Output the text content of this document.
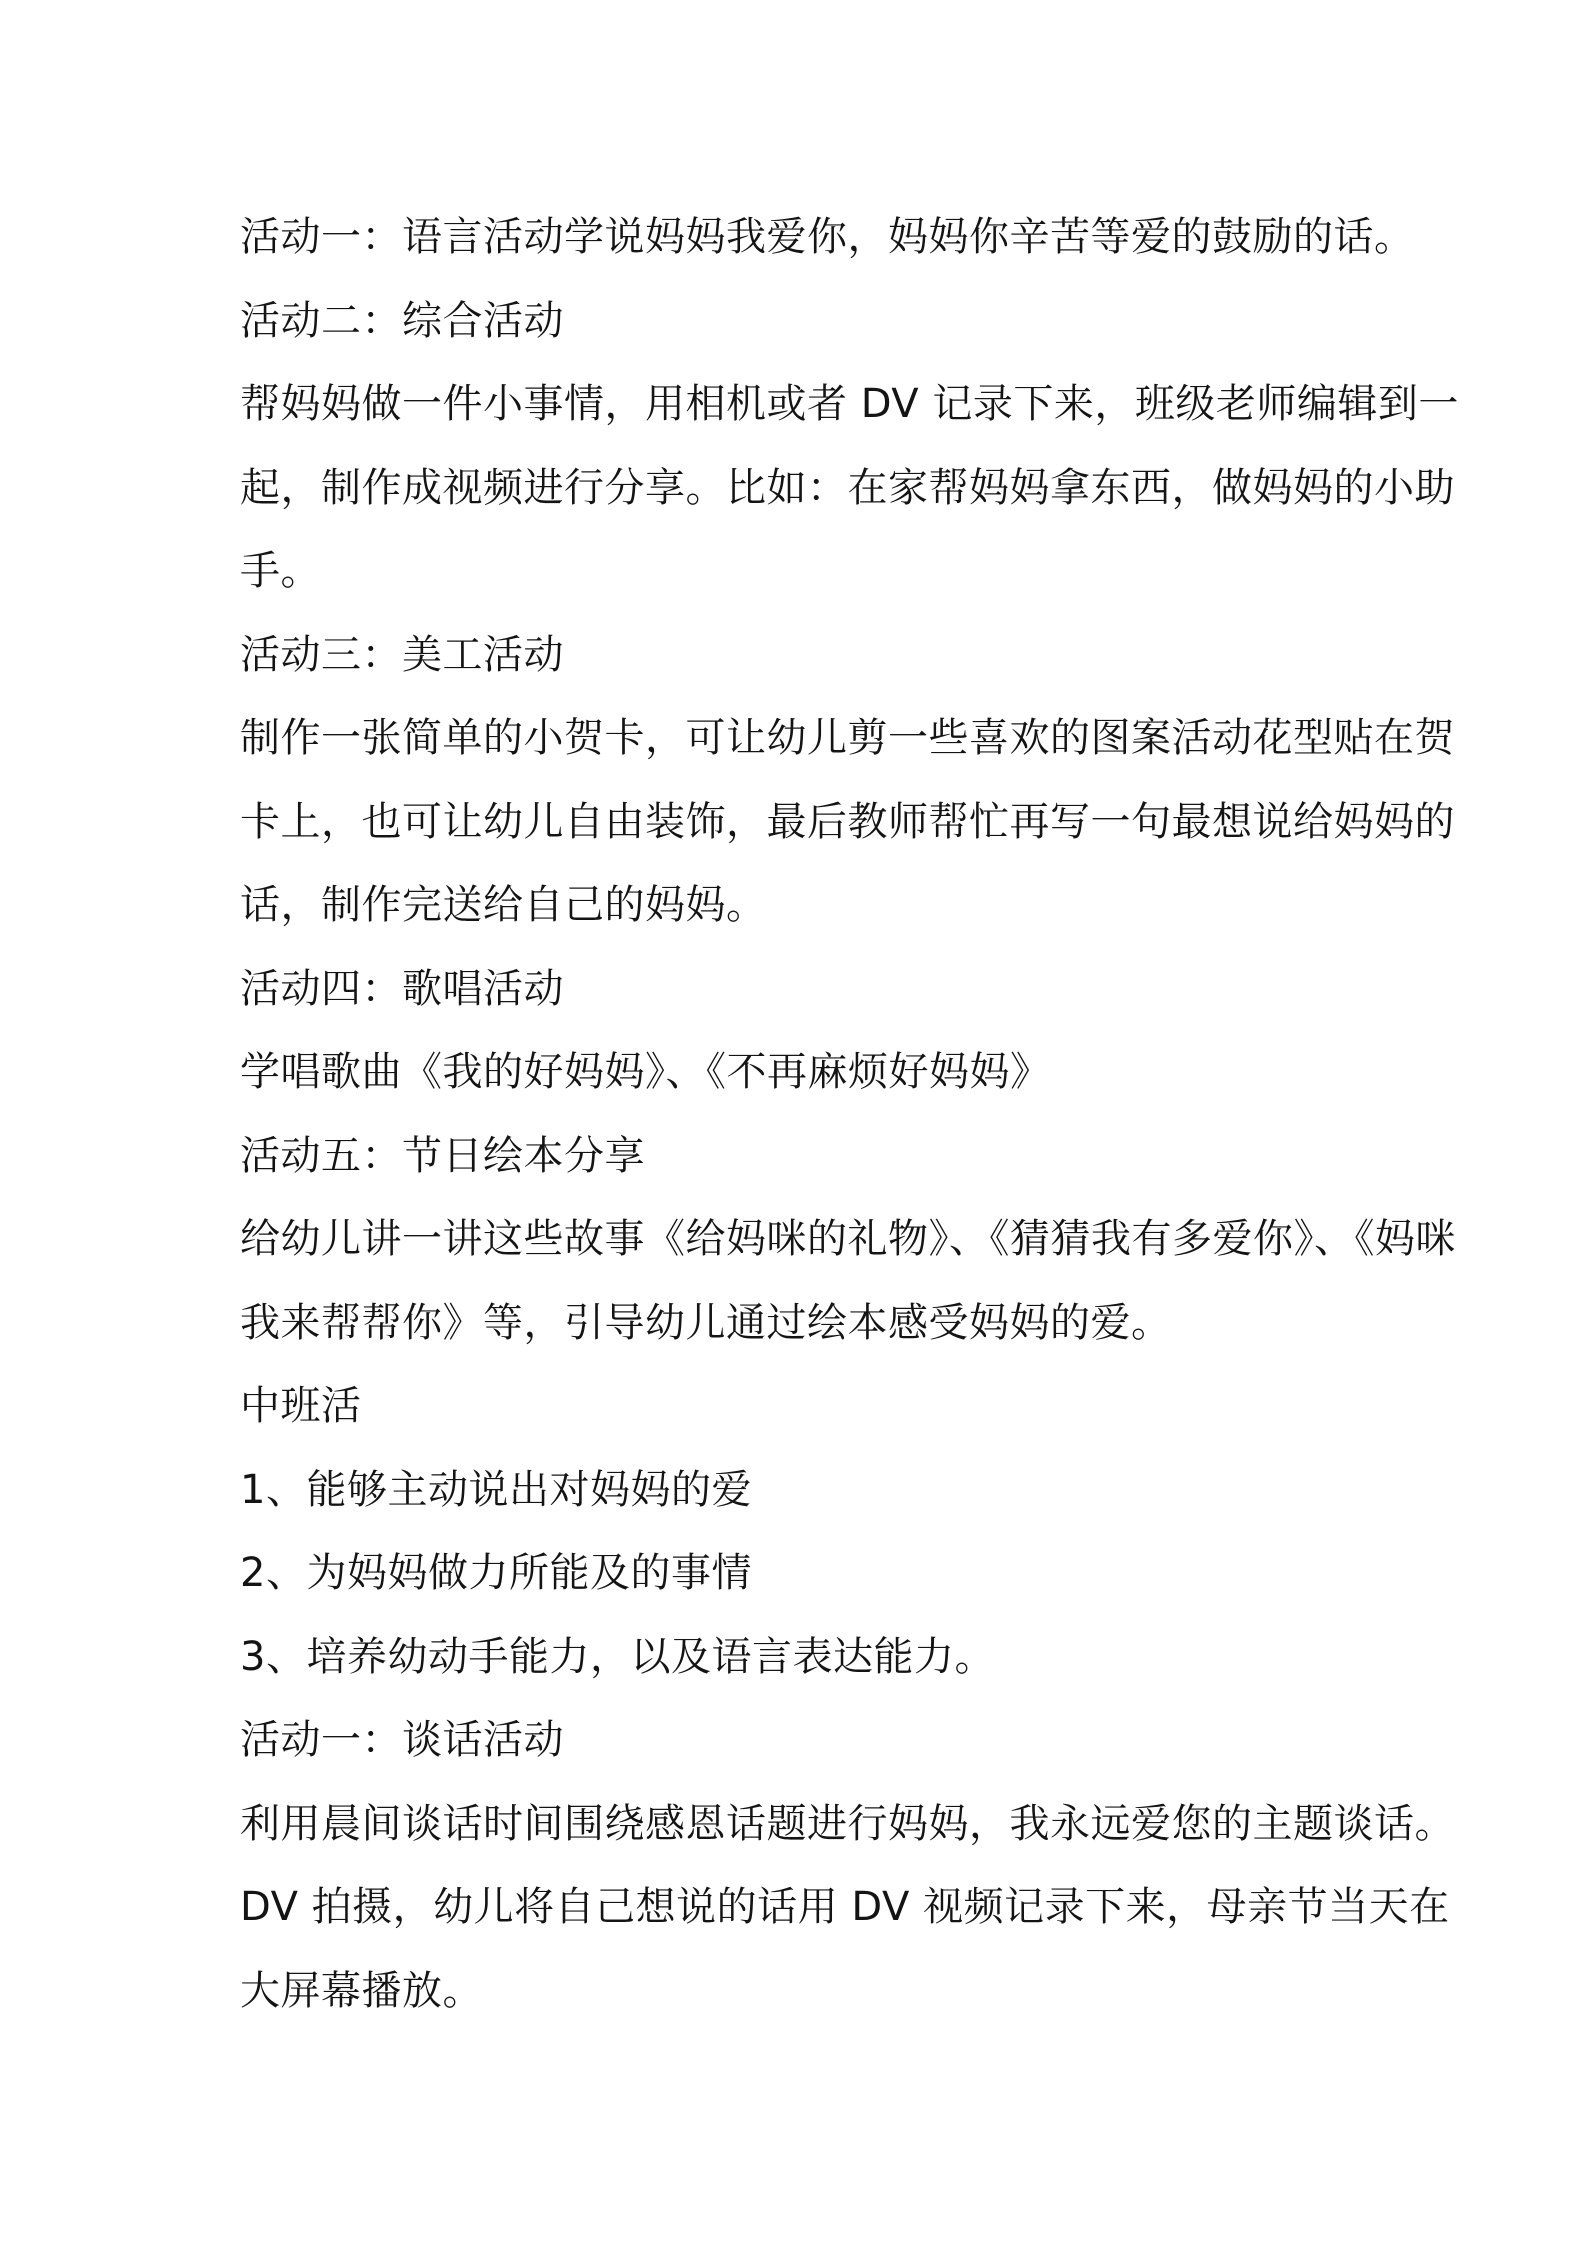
活动一：语言活动学说妈妈我爱你，妈妈你辛苦等爱的鼓励的话。
活动二：综合活动
帮妈妈做一件小事情，用相机或者 DV 记录下来，班级老师编辑到一
起，制作成视频进行分享。比如：在家帮妈妈拿东西，做妈妈的小助
手。
活动三：美工活动
制作一张简单的小贺卡，可让幼儿剪一些喜欢的图案活动花型贴在贺
卡上，也可让幼儿自由装饰，最后教师帮忙再写一句最想说给妈妈的
话，制作完送给自己的妈妈。
活动四：歌唱活动
学唱歌曲《我的好妈妈》、《不再麻烦好妈妈》
活动五：节日绘本分享
给幼儿讲一讲这些故事《给妈咪的礼物》、《猜猜我有多爱你》、《妈咪
我来帮帮你》等，引导幼儿通过绘本感受妈妈的爱。
中班活
1、能够主动说出对妈妈的爱
2、为妈妈做力所能及的事情
3、培养幼动手能力，以及语言表达能力。
活动一：谈话活动
利用晨间谈话时间围绕感恩话题进行妈妈，我永远爱您的主题谈话。
DV 拍摄，幼儿将自己想说的话用 DV 视频记录下来，母亲节当天在
大屏幕播放。
